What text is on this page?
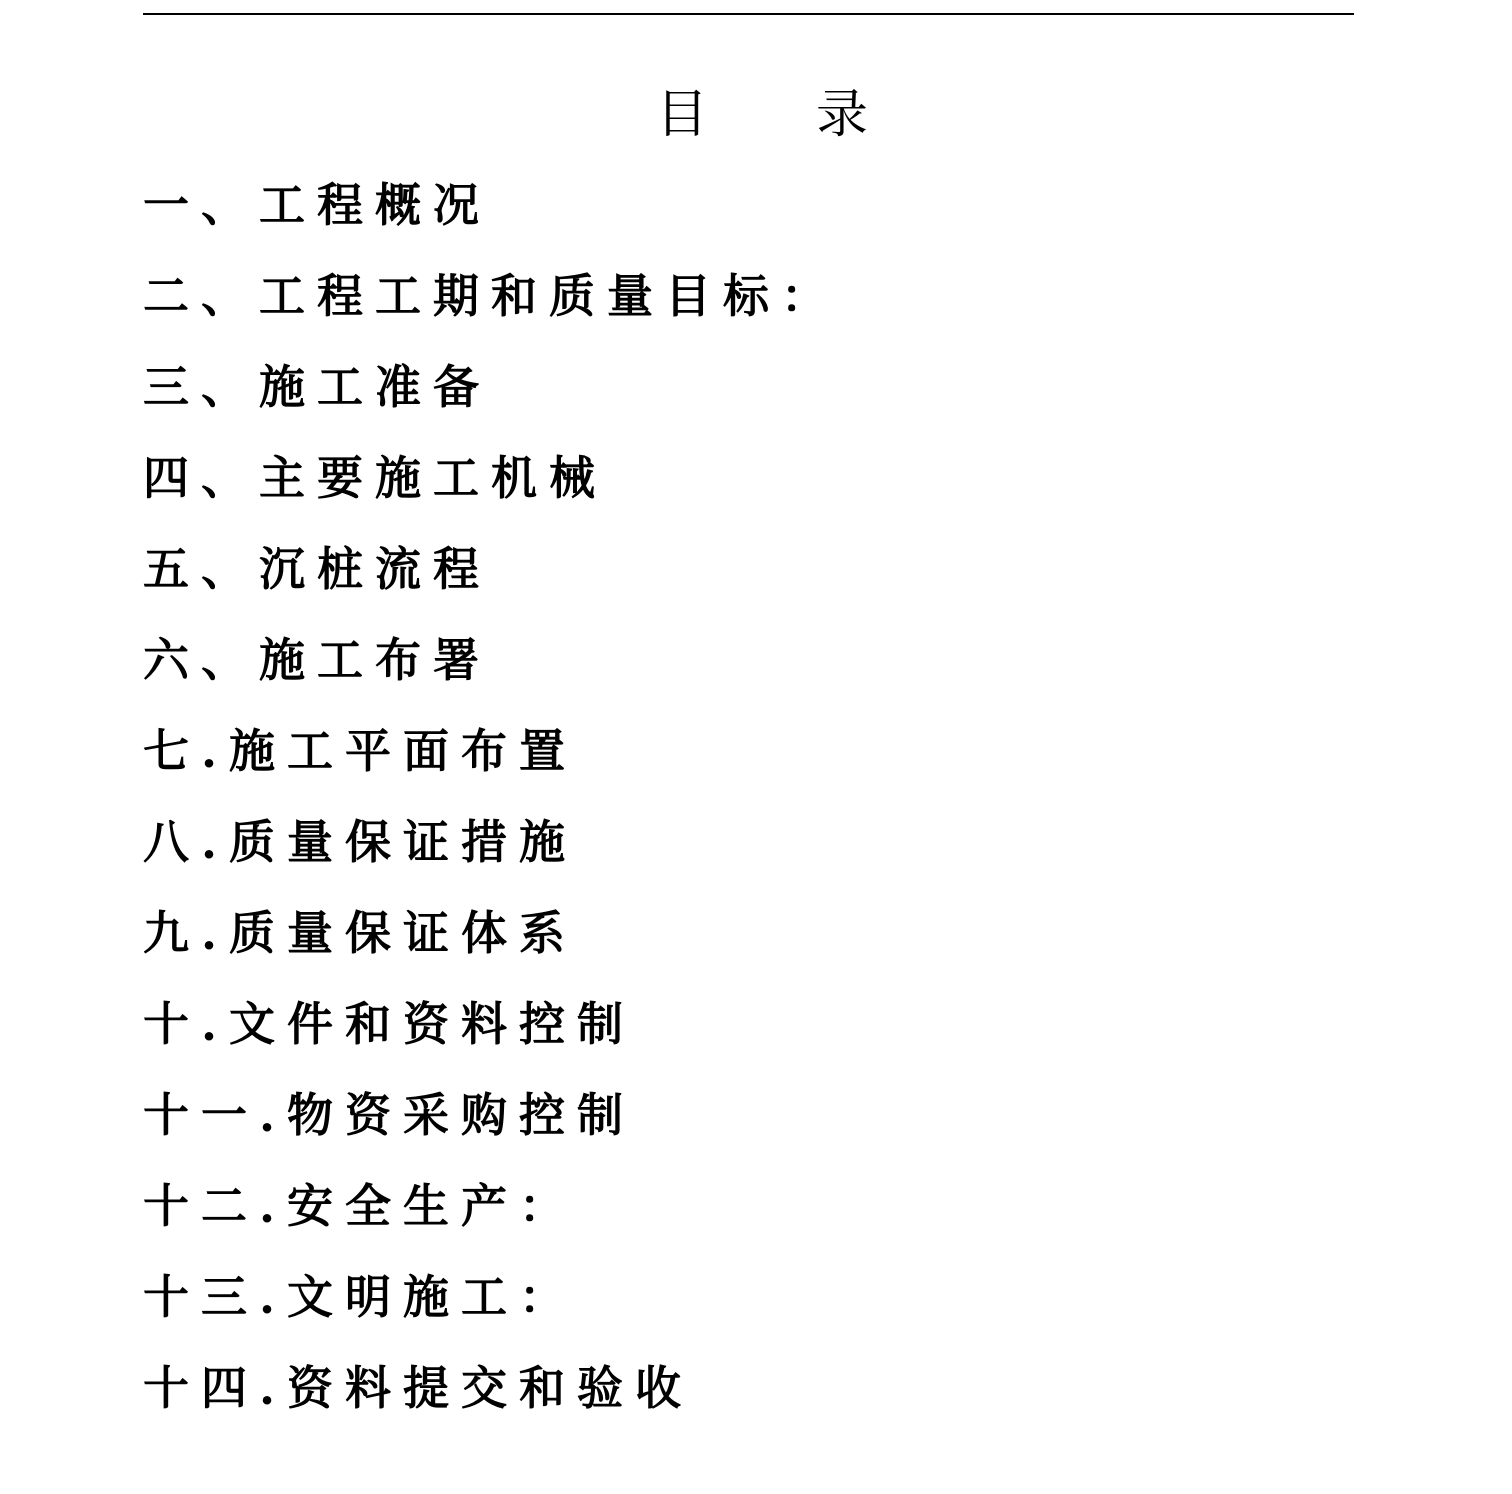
目录
一、工程概况
二、工程工期和质量目标：
三、施工准备
四、主要施工机械
五、沉桩流程
六、施工布署
七.施工平面布置
八.质量保证措施
九.质量保证体系
十.文件和资料控制
十一.物资采购控制
十二.安全生产：
十三.文明施工：
十四.资料提交和验收
